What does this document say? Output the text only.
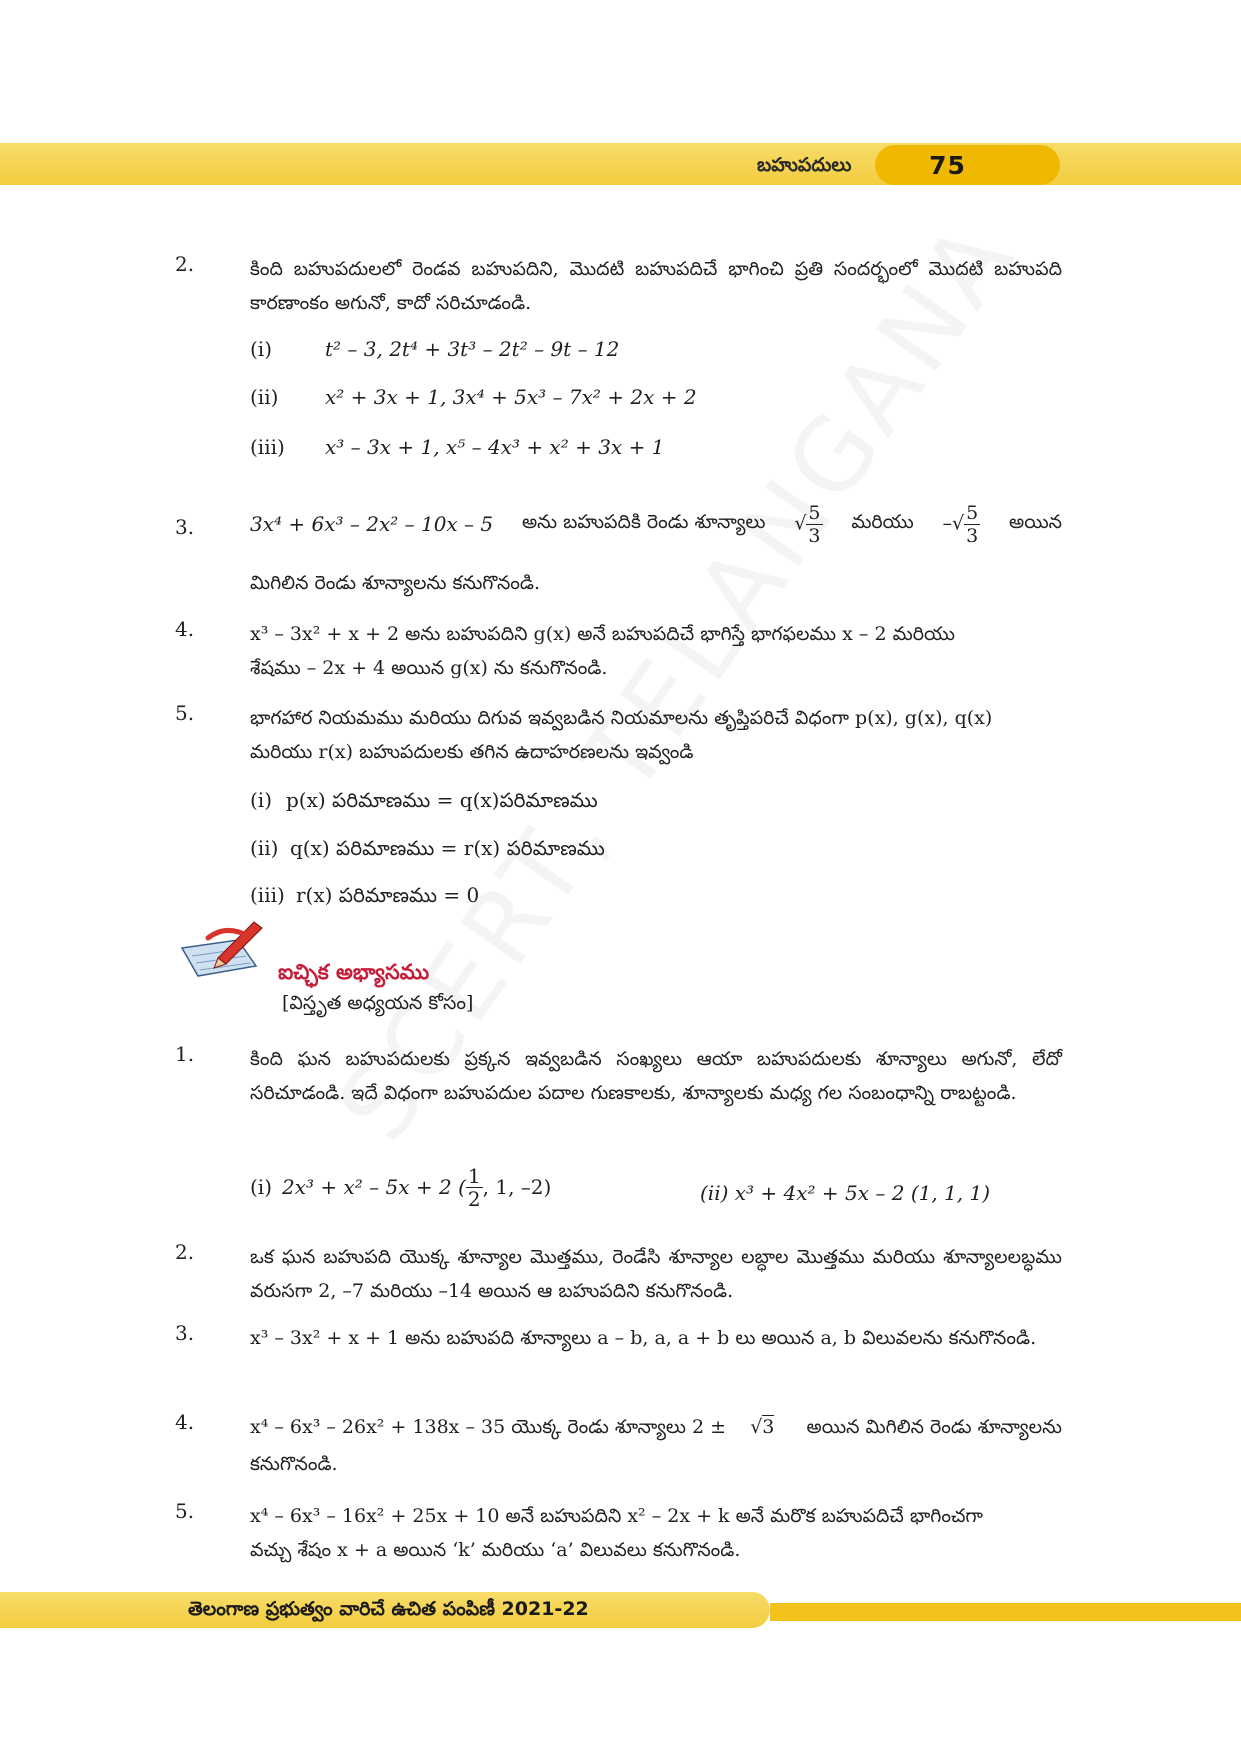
బహుపదులు	75
2.	కింది బహుపదులలో రెండవ బహుపదిని, మొదటి బహుపదిచే భాగించి ప్రతి సందర్భంలో మొదటి బహుపది కారణాంకం అగునో, కాదో సరిచూడండి.
(i)	t² – 3, 2t⁴ + 3t³ – 2t² – 9t – 12
(ii) x² + 3x + 1, 3x⁴ + 5x³ – 7x² + 2x + 2
(iii) x³ – 3x + 1, x⁵ – 4x³ + x² + 3x + 1
3.	3x⁴ + 6x³ – 2x² – 10x – 5 అను బహుపదికి రెండు శూన్యాలు √ $\frac{5}{3}$ మరియు –√ $\frac{5}{3}$ అయిన
మిగిలిన రెండు శూన్యాలను కనుగొనండి.
4.	x³ – 3x² + x + 2 అను బహుపదిని g(x) అనే బహుపదిచే భాగిస్తే భాగఫలము x – 2 మరియు
శేషము – 2x + 4 అయిన g(x) ను కనుగొనండి.
5.	భాగహార నియమము మరియు దిగువ ఇవ్వబడిన నియమాలను తృప్తిపరిచే విధంగా p(x), g(x), q(x)
మరియు r(x) బహుపదులకు తగిన ఉదాహరణలను ఇవ్వండి
(i) p(x) పరిమాణము = q(x)పరిమాణము
(ii) q(x) పరిమాణము = r(x) పరిమాణము
(iii) r(x) పరిమాణము = 0
ఐచ్ఛిక అభ్యాసము
[విస్తృత అధ్యయన కోసం]
1.	కింది ఘన బహుపదులకు ప్రక్కన ఇవ్వబడిన సంఖ్యలు ఆయా బహుపదులకు శూన్యాలు అగునో, లేదో సరిచూడండి. ఇదే విధంగా బహుపదుల పదాల గుణకాలకు, శూన్యాలకు మధ్య గల సంబంధాన్ని రాబట్టండి.
(i) 2x³ + x² – 5x + 2 ( $\frac{1}{2}$ , 1, –2)	(ii) x³ + 4x² + 5x – 2 (1, 1, 1)
2.	ఒక ఘన బహుపది యొక్క శూన్యాల మొత్తము, రెండేసి శూన్యాల లబ్ధాల మొత్తము మరియు శూన్యాలలబ్ధము వరుసగా 2, –7 మరియు –14 అయిన ఆ బహుపదిని కనుగొనండి.
3.	x³ – 3x² + x + 1 అను బహుపది శూన్యాలు a – b, a, a + b లు అయిన a, b విలువలను కనుగొనండి.
4.	x⁴ – 6x³ – 26x² + 138x – 35 యొక్క రెండు శూన్యాలు 2 ± √3 అయిన మిగిలిన రెండు శూన్యాలను
కనుగొనండి.
5.	x⁴ – 6x³ – 16x² + 25x + 10 అనే బహుపదిని x² – 2x + k అనే మరొక బహుపదిచే భాగించగా
వచ్చు శేషం x + a అయిన ‘k’ మరియు ‘a’ విలువలు కనుగొనండి.
తెలంగాణ ప్రభుత్వం వారిచే ఉచిత పంపిణీ 2021-22
